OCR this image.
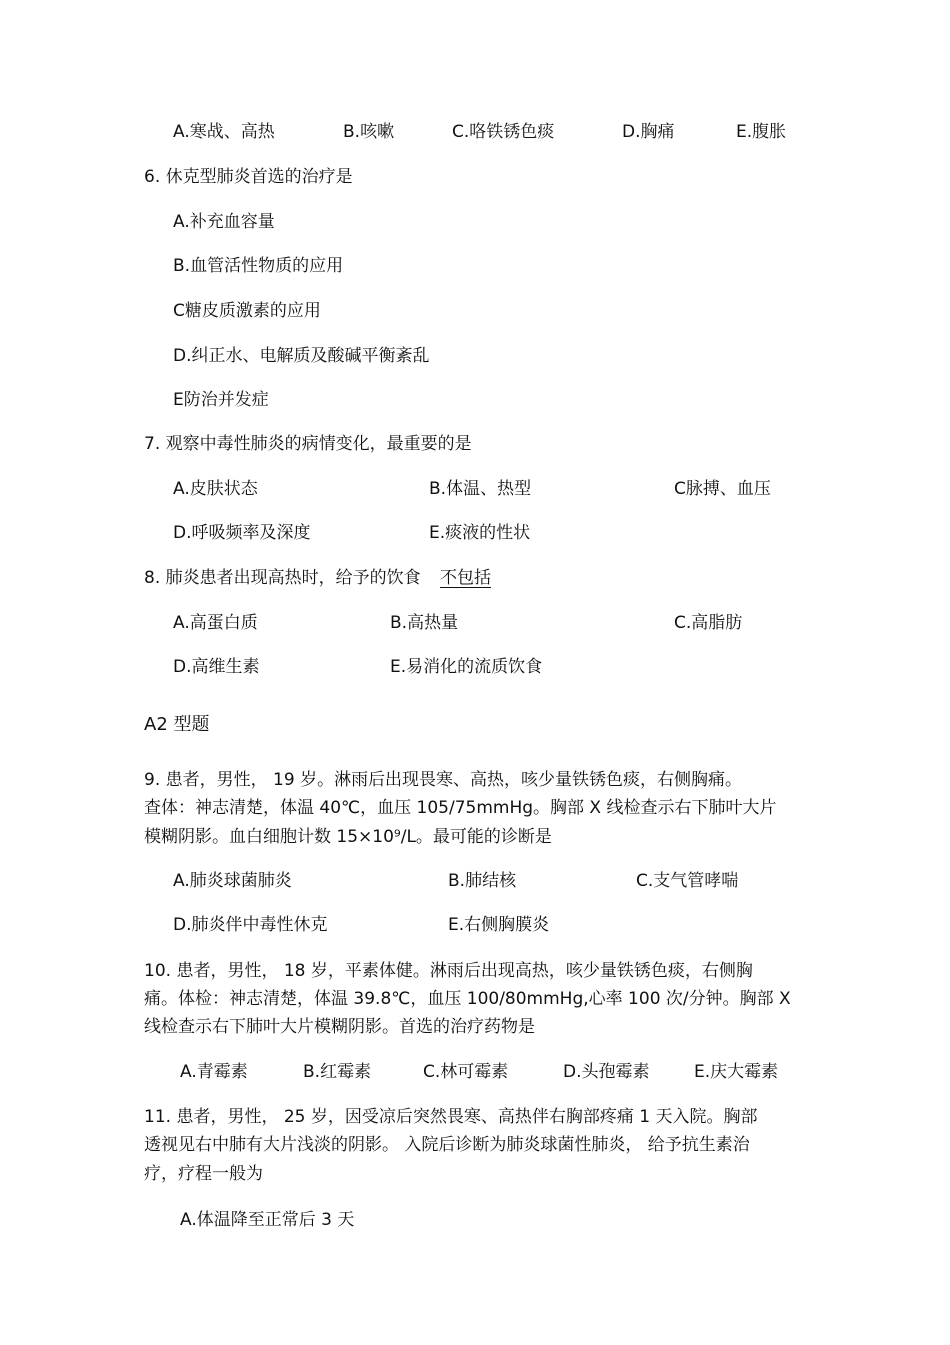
A.寒战、高热	B.咳嗽	C.咯铁锈色痰	D.胸痛	E.腹胀
6. 休克型肺炎首选的治疗是
A.补充血容量
B.血管活性物质的应用
C糖皮质激素的应用
D.纠正水、电解质及酸碱平衡紊乱
E防治并发症
7. 观察中毒性肺炎的病情变化，最重要的是
A.皮肤状态	B.体温、热型	C脉搏、血压
D.呼吸频率及深度	E.痰液的性状
8. 肺炎患者出现高热时，给予的饮食 不包括
A.高蛋白质	B.高热量	C.高脂肪
D.高维生素	E.易消化的流质饮食
A2 型题
9. 患者，男性， 19 岁。淋雨后出现畏寒、高热，咳少量铁锈色痰，右侧胸痛。
查体：神志清楚，体温 40℃，血压 105/75mmHg。胸部 X 线检查示右下肺叶大片
模糊阴影。血白细胞计数 15×10⁹/L。最可能的诊断是
A.肺炎球菌肺炎	B.肺结核	C.支气管哮喘
D.肺炎伴中毒性休克	E.右侧胸膜炎
10. 患者，男性， 18 岁，平素体健。淋雨后出现高热，咳少量铁锈色痰，右侧胸
痛。体检：神志清楚，体温 39.8℃，血压 100/80mmHg,心率 100 次/分钟。胸部 X
线检查示右下肺叶大片模糊阴影。首选的治疗药物是
A.青霉素	B.红霉素	C.林可霉素	D.头孢霉素	E.庆大霉素
11. 患者，男性， 25 岁，因受凉后突然畏寒、高热伴右胸部疼痛 1 天入院。胸部
透视见右中肺有大片浅淡的阴影。 入院后诊断为肺炎球菌性肺炎， 给予抗生素治
疗，疗程一般为
A.体温降至正常后 3 天
